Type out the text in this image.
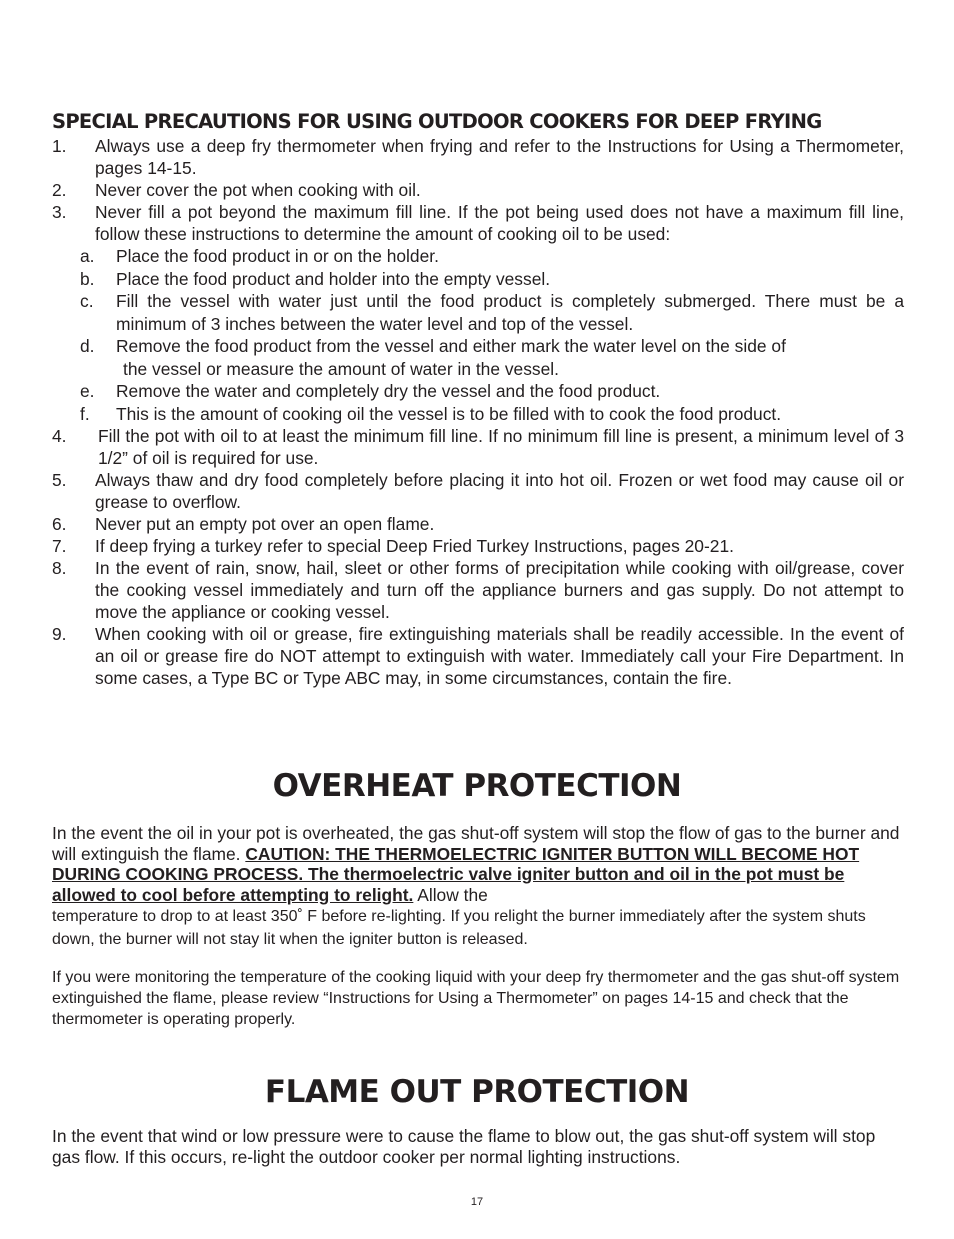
SPECIAL PRECAUTIONS FOR USING OUTDOOR COOKERS FOR DEEP FRYING
1. Always use a deep fry thermometer when frying and refer to the Instructions for Using a Thermometer, pages 14-15.
2. Never cover the pot when cooking with oil.
3. Never fill a pot beyond the maximum fill line. If the pot being used does not have a maximum fill line, follow these instructions to determine the amount of cooking oil to be used:
a. Place the food product in or on the holder.
b. Place the food product and holder into the empty vessel.
c. Fill the vessel with water just until the food product is completely submerged. There must be a minimum of 3 inches between the water level and top of the vessel.
d. Remove the food product from the vessel and either mark the water level on the side of
the vessel or measure the amount of water in the vessel.
e. Remove the water and completely dry the vessel and the food product.
f. This is the amount of cooking oil the vessel is to be filled with to cook the food product.
4. Fill the pot with oil to at least the minimum fill line. If no minimum fill line is present, a minimum level of 3 1/2” of oil is required for use.
5. Always thaw and dry food completely before placing it into hot oil. Frozen or wet food may cause oil or grease to overflow.
6. Never put an empty pot over an open flame.
7. If deep frying a turkey refer to special Deep Fried Turkey Instructions, pages 20-21.
8. In the event of rain, snow, hail, sleet or other forms of precipitation while cooking with oil/grease, cover the cooking vessel immediately and turn off the appliance burners and gas supply. Do not attempt to move the appliance or cooking vessel.
9. When cooking with oil or grease, fire extinguishing materials shall be readily accessible. In the event of an oil or grease fire do NOT attempt to extinguish with water. Immediately call your Fire Department. In some cases, a Type BC or Type ABC may, in some circumstances, contain the fire.
OVERHEAT PROTECTION

In the event the oil in your pot is overheated, the gas shut-off system will stop the flow of gas to the burner and will extinguish the flame. CAUTION: THE THERMOELECTRIC IGNITER BUTTON WILL BECOME HOT DURING COOKING PROCESS. The thermoelectric valve igniter button and oil in the pot must be allowed to cool before attempting to relight. Allow the
temperature to drop to at least 350˚ F before re-lighting. If you relight the burner immediately after the system shuts down, the burner will not stay lit when the igniter button is released.

If you were monitoring the temperature of the cooking liquid with your deep fry thermometer and the gas shut-off system extinguished the flame, please review “Instructions for Using a Thermometer” on pages 14-15 and check that the thermometer is operating properly.

FLAME OUT PROTECTION

In the event that wind or low pressure were to cause the flame to blow out, the gas shut-off system will stop gas flow. If this occurs, re-light the outdoor cooker per normal lighting instructions.

17
